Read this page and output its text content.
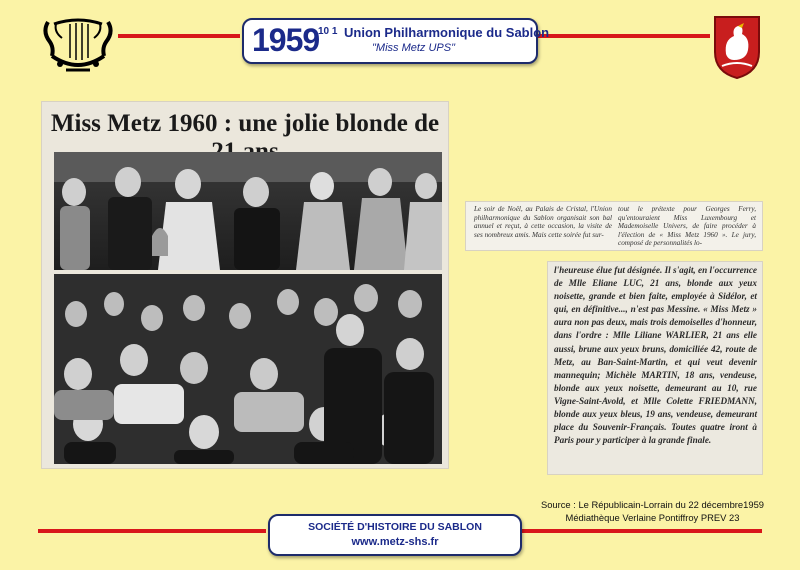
1959
10 1 Union Philharmonique du Sablon
"Miss Metz UPS"
Miss Metz 1960 : une jolie blonde de
Le soir de Noël, au Palais de Cristal, l'Union philharmonique du Sablon organisait son bal annuel et reçut, à cette occasion, la visite de ses nombreux amis. Mais cette soirée fut sur-
tout le prétexte pour Georges Ferry, qu'entouraient Miss Luxembourg et Mademoiselle Univers, de faire procéder à l'élection de « Miss Metz 1960 ». Le jury, composé de personnalités lo-
l'heureuse élue fut désignée. Il s'agit, en l'occurrence de Mlle Eliane LUC, 21 ans, blonde aux yeux noisette, grande et bien faite, employée à Sidélor, et qui, en définitive..., n'est pas Messine. « Miss Metz » aura non pas deux, mais trois demoiselles d'honneur, dans l'ordre : Mlle Liliane WARLIER, 21 ans elle aussi, brune aux yeux bruns, domiciliée 42, route de Metz, au Ban-Saint-Martin, et qui veut devenir mannequin; Michèle MARTIN, 18 ans, vendeuse, blonde aux yeux noisette, demeurant au 10, rue Vigne-Saint-Avold, et Mlle Colette FRIEDMANN, blonde aux yeux bleus, 19 ans, vendeuse, demeurant place du Souvenir-Français. Toutes quatre iront à Paris pour y participer à la grande finale.
Source : Le Républicain-Lorrain du 22 décembre1959
Médiathèque Verlaine Pontiffroy PREV 23
SOCIÉTÉ D'HISTOIRE DU SABLON
www.metz-shs.fr
